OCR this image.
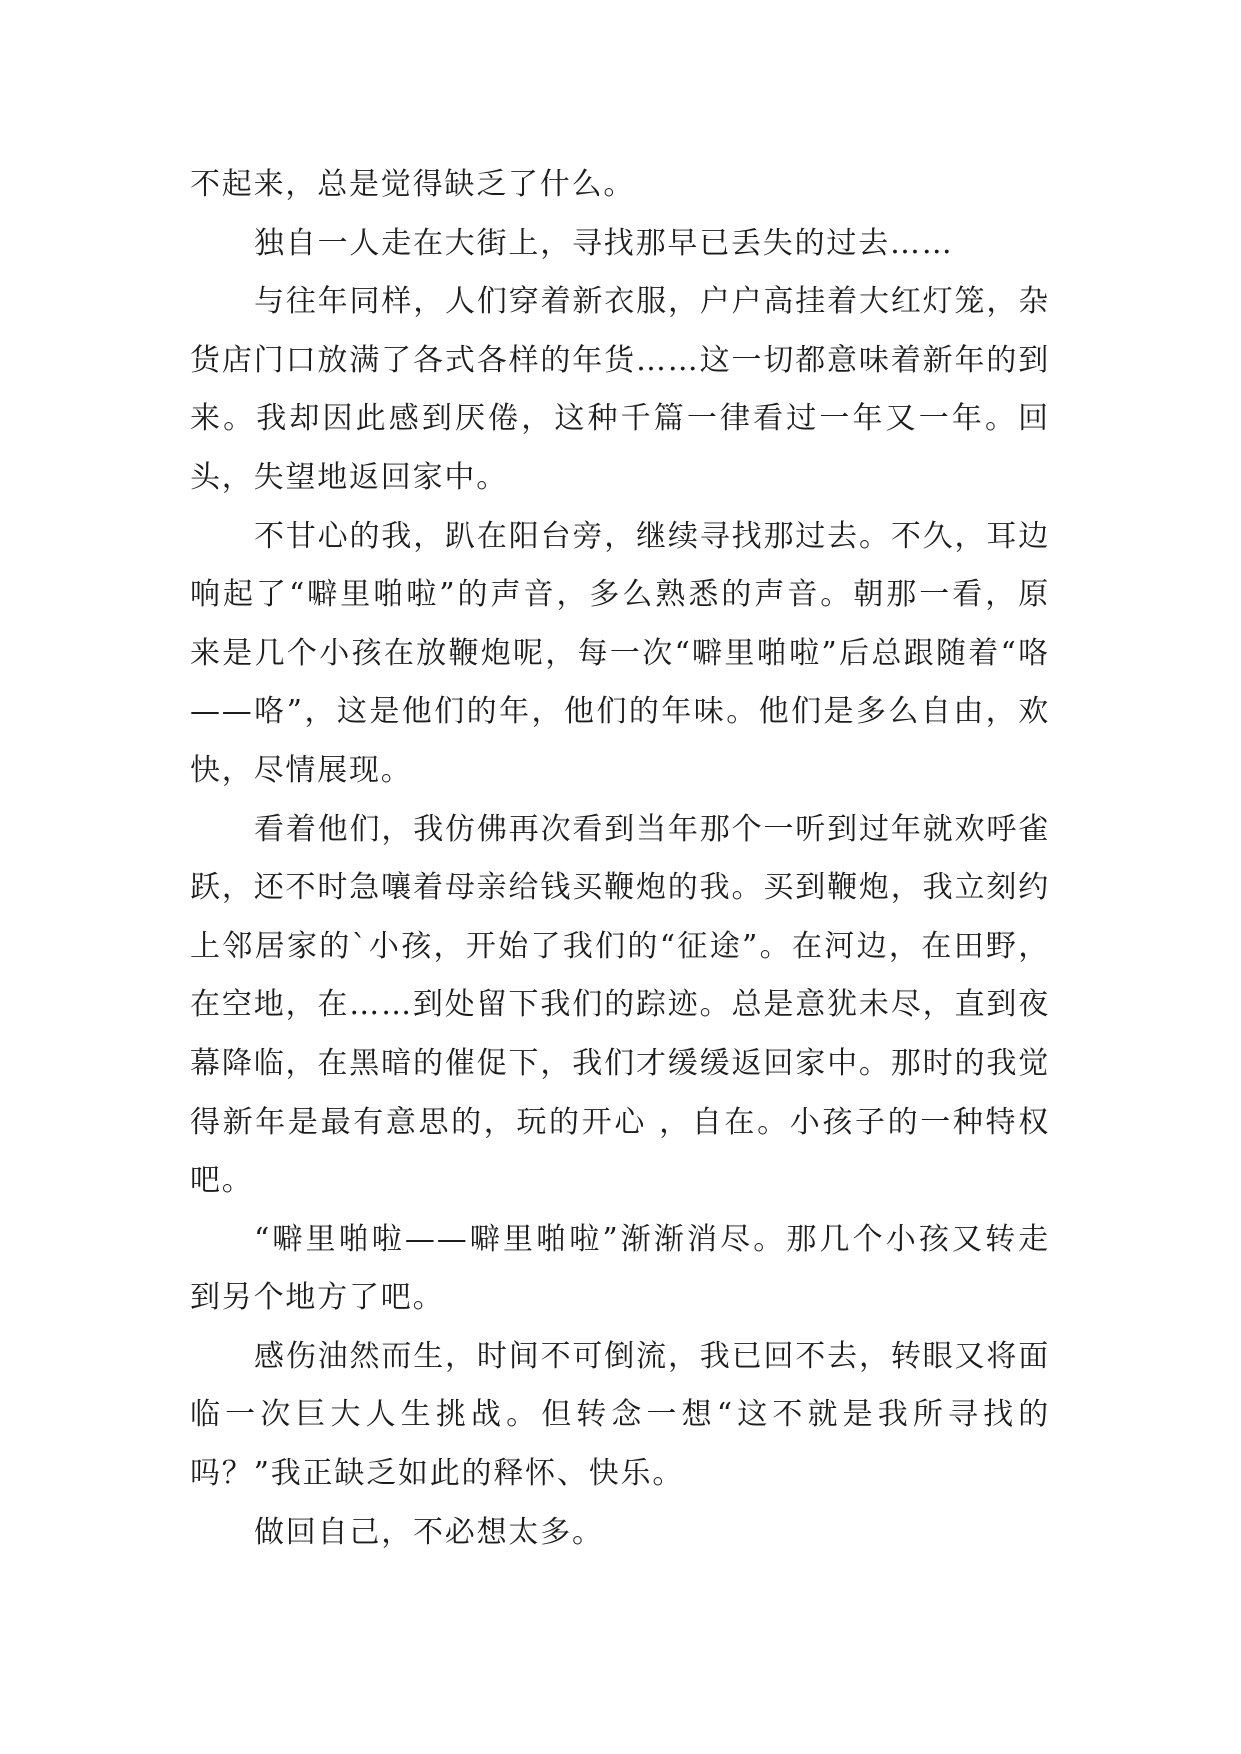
不起来，总是觉得缺乏了什么。

独自一人走在大街上，寻找那早已丢失的过去……

与往年同样，人们穿着新衣服，户户高挂着大红灯笼，杂货店门口放满了各式各样的年货……这一切都意味着新年的到来。我却因此感到厌倦，这种千篇一律看过一年又一年。回头，失望地返回家中。

不甘心的我，趴在阳台旁，继续寻找那过去。不久，耳边响起了“噼里啪啦”的声音，多么熟悉的声音。朝那一看，原来是几个小孩在放鞭炮呢，每一次“噼里啪啦”后总跟随着“咯——咯”，这是他们的年，他们的年味。他们是多么自由，欢快，尽情展现。

看着他们，我仿佛再次看到当年那个一听到过年就欢呼雀跃，还不时急嚷着母亲给钱买鞭炮的我。买到鞭炮，我立刻约上邻居家的`小孩，开始了我们的“征途”。在河边，在田野，在空地，在……到处留下我们的踪迹。总是意犹未尽，直到夜幕降临，在黑暗的催促下，我们才缓缓返回家中。那时的我觉得新年是最有意思的，玩的开心 ，自在。小孩子的一种特权吧。

“噼里啪啦——噼里啪啦”渐渐消尽。那几个小孩又转走到另个地方了吧。

感伤油然而生，时间不可倒流，我已回不去，转眼又将面临一次巨大人生挑战。但转念一想“这不就是我所寻找的吗？”我正缺乏如此的释怀、快乐。

做回自己，不必想太多。
